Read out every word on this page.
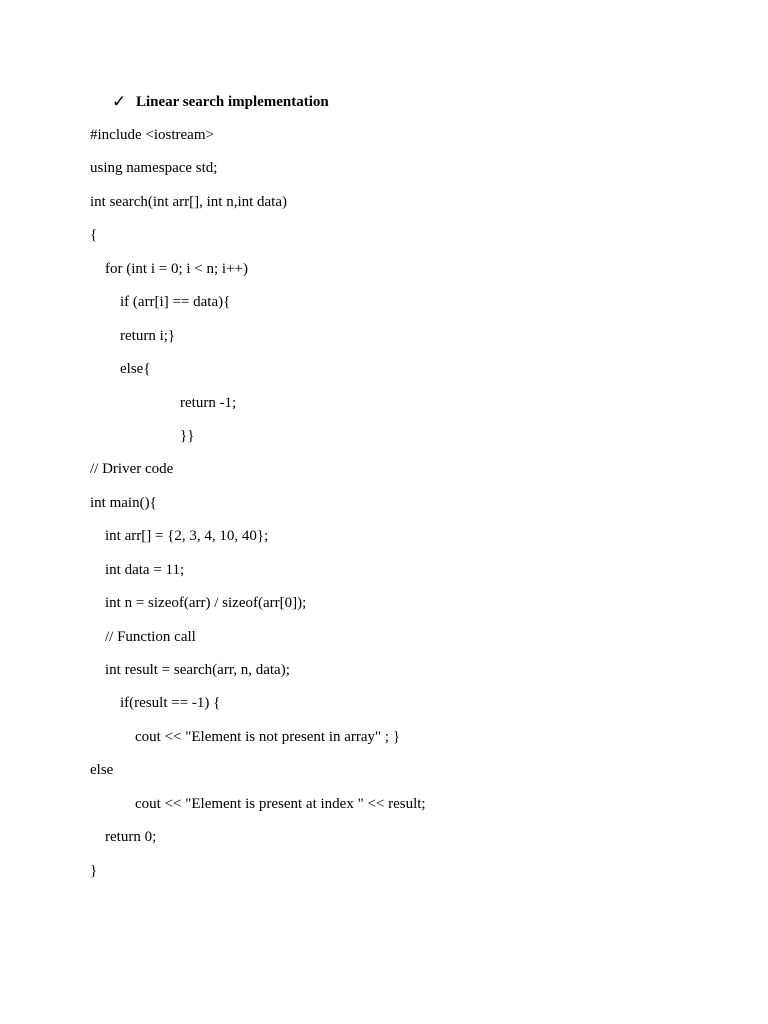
✓ Linear search implementation
#include <iostream>
using namespace std;
int search(int arr[], int n,int data)
{
for (int i = 0; i < n; i++)
if (arr[i] == data){
return i;}
else{
return -1;
}}
// Driver code
int main(){
int arr[] = {2, 3, 4, 10, 40};
int data = 11;
int n = sizeof(arr) / sizeof(arr[0]);
// Function call
int result = search(arr, n, data);
if(result == -1) {
cout << "Element is not present in array" ; }
else
cout << "Element is present at index " << result;
return 0;
}
